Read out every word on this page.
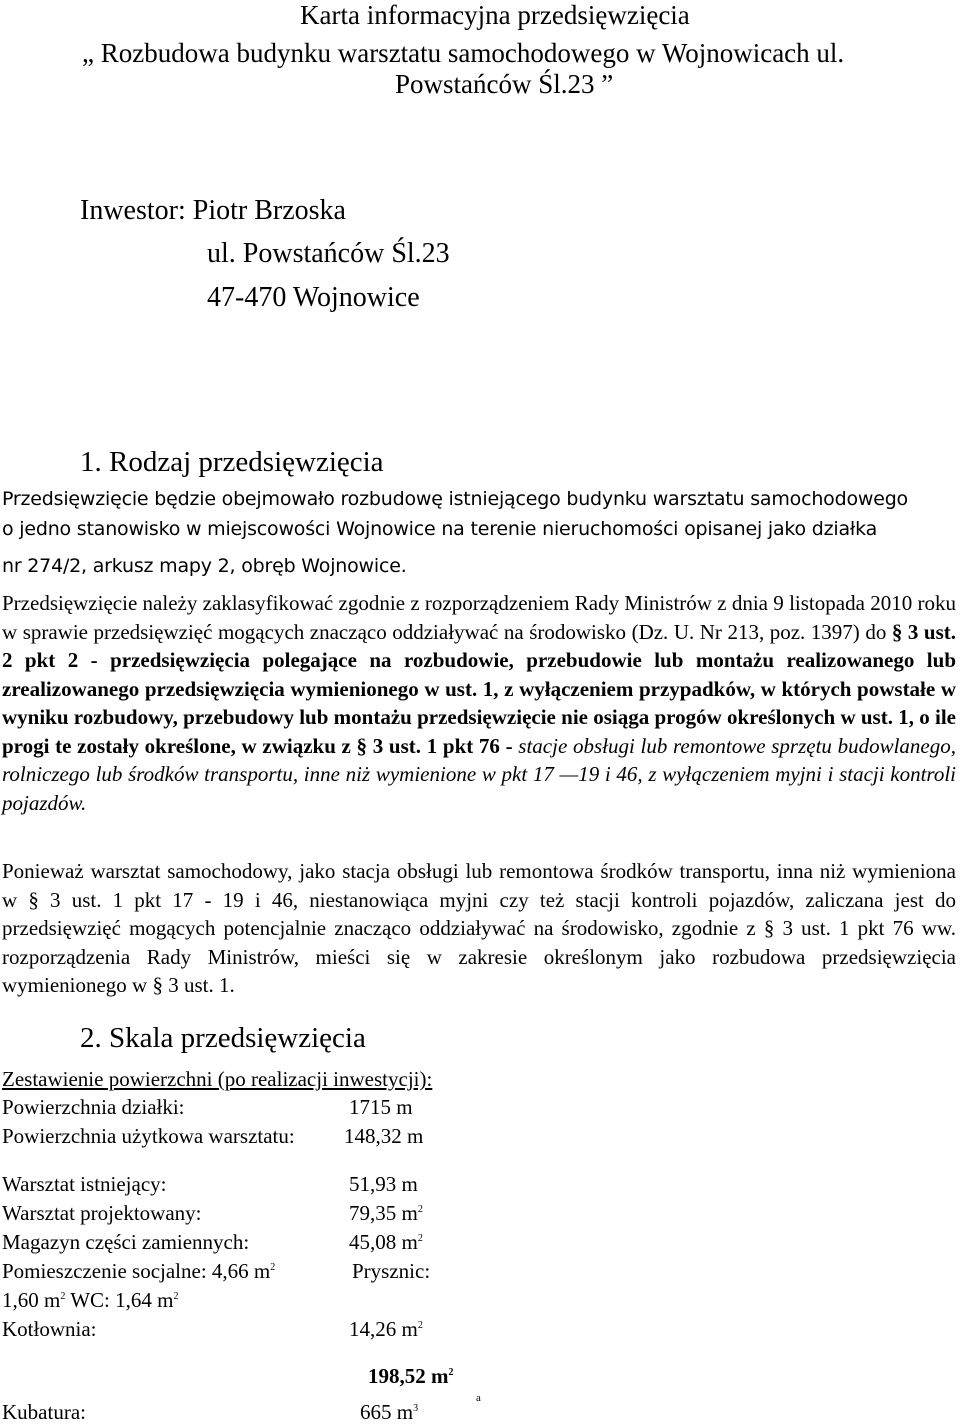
Karta informacyjna przedsięwzięcia
„ Rozbudowa budynku warsztatu samochodowego w Wojnowicach ul.
Powstańców Śl.23 ”
Inwestor: Piotr Brzoska
ul. Powstańców Śl.23
47-470 Wojnowice
1. Rodzaj przedsięwzięcia
Przedsięwzięcie będzie obejmowało rozbudowę istniejącego budynku warsztatu samochodowego
o jedno stanowisko w miejscowości Wojnowice na terenie nieruchomości opisanej jako działka
nr 274/2, arkusz mapy 2, obręb Wojnowice.
Przedsięwzięcie należy zaklasyfikować zgodnie z rozporządzeniem Rady Ministrów z dnia 9 listopada 2010 roku w sprawie przedsięwzięć mogących znacząco oddziaływać na środowisko (Dz. U. Nr 213, poz. 1397) do § 3 ust. 2 pkt 2 - przedsięwzięcia polegające na rozbudowie, przebudowie lub montażu realizowanego lub zrealizowanego przedsięwzięcia wymienionego w ust. 1, z wyłączeniem przypadków, w których powstałe w wyniku rozbudowy, przebudowy lub montażu przedsięwzięcie nie osiąga progów określonych w ust. 1, o ile progi te zostały określone, w związku z § 3 ust. 1 pkt 76 - stacje obsługi lub remontowe sprzętu budowlanego, rolniczego lub środków transportu, inne niż wymienione w pkt 17 —19 i 46, z wyłączeniem myjni i stacji kontroli pojazdów.
Ponieważ warsztat samochodowy, jako stacja obsługi lub remontowa środków transportu, inna niż wymieniona w § 3 ust. 1 pkt 17 - 19 i 46, niestanowiąca myjni czy też stacji kontroli pojazdów, zaliczana jest do przedsięwzięć mogących potencjalnie znacząco oddziaływać na środowisko, zgodnie z § 3 ust. 1 pkt 76 ww. rozporządzenia Rady Ministrów, mieści się w zakresie określonym jako rozbudowa przedsięwzięcia wymienionego w § 3 ust. 1.
2. Skala przedsięwzięcia
Zestawienie powierzchni (po realizacji inwestycji):
Powierzchnia działki:	1715 m
Powierzchnia użytkowa warsztatu: 148,32 m
Warsztat istniejący:	51,93 m
Warsztat projektowany:	79,35 $m^2$
Magazyn części zamiennych:	45,08 $m^2$
Pomieszczenie socjalne: 4,66 $m^2$	Prysznic:
1,60 $m^2$ WC: 1,64 $m^2$
Kotłownia:	14,26 $m^2$
198,52 $m^2$
a
Kubatura:	665 $m^3$
